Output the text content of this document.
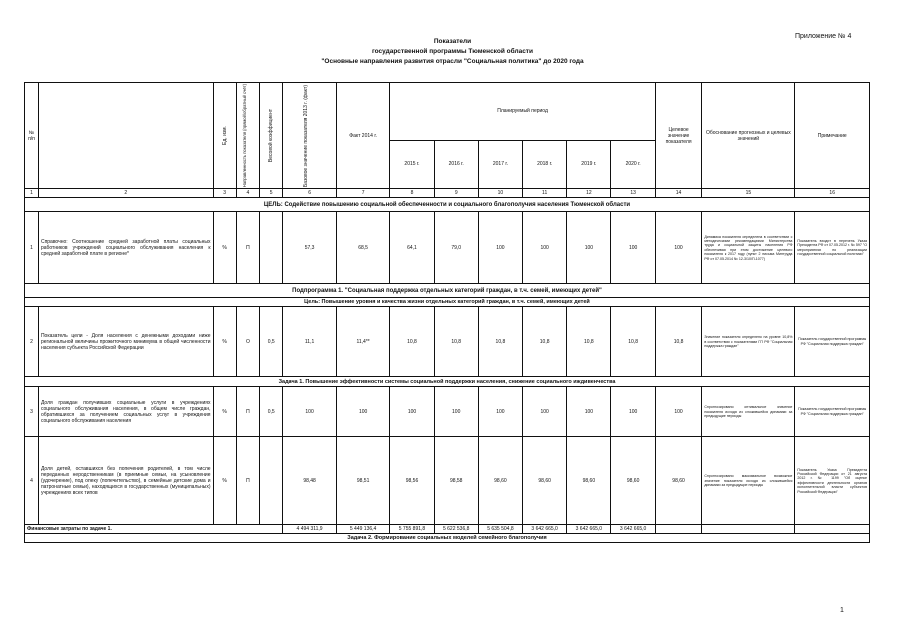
Приложение № 4
Показатели
государственной программы Тюменской области
"Основные направления развития отрасли "Социальная политика" до 2020 года
№ п/п		Ед. изм.	Направленность показателя (прямой/обратный счёт)	Весовой коэффициент	Базовое значение показателя 2013 г. (факт)	Факт 2014 г.	Планируемый период						Целевое значение показателя	Обоснование прогнозных и целевых значений	Примечание
							2015 г.	2016 г.	2017 г.	2018 г.	2019 г.	2020 г.			
1	2	3	4	5	6	7	8	9	10	11	12	13	14	15	16
ЦЕЛЬ: Содействие повышению социальной обеспеченности и социального благополучия населения Тюменской области															
1	Справочно: Соотношение средней заработной платы социальных работников учреждений социального обслуживания населения к средней заработной плате в регионе*	%	П		57,3	68,5	64,1	79,0	100	100	100	100	100	Динамика показателя определена в соответствии с методическими рекомендациями Министерства труда и социальной защиты населения РФ обеспечивая при этом достижение целевого показателя к 2017 году (пункт 2 письма Минтруда РФ от 07.05.2014 № 12-3/10/П-1077)	Показатель входит в перечень Указа Президента РФ от 07.05.2012 г. № 597 "О мероприятиях по реализации государственной социальной политики"
Подпрограмма 1. "Социальная поддержка отдельных категорий граждан, в т.ч. семей, имеющих детей"															
Цель: Повышение уровня и качества жизни отдельных категорий граждан, в т.ч. семей, имеющих детей															
2	Показатель цели - Доля населения с денежными доходами ниже региональной величины прожиточного минимума в общей численности населения субъекта Российской Федерации	%	О	0,5	11,1	11,4**	10,8	10,8	10,8	10,8	10,8	10,8	10,8	Значение показателя определено на уровне 10,8% в соответствии с показателями ГП РФ "Социальная поддержка граждан"	Показатель государственной программы РФ "Социальная поддержка граждан"
Задача 1. Повышение эффективности системы социальной поддержки населения, снижение социального иждивенчества															
3	Доля граждан получивших социальные услуги в учреждениях социального обслуживания населения, в общем числе граждан, обратившихся за получением социальных услуг в учреждения социального обслуживания населения	%	П	0,5	100	100	100	100	100	100	100	100	100	Спрогнозировано оптимальное значение показателя исходя из сложившейся динамики за предыдущие периоды	Показатель государственной программы РФ "Социальная поддержка граждан"
4	Доля детей, оставшихся без попечения родителей, в том числе переданных неродственникам (в приемные семьи, на усыновление (удочерение), под опеку (попечительство), в семейные детские дома и патронатные семьи), находящихся в государственных (муниципальных) учреждениях всех типов	%	П		98,48	98,51	98,56	98,58	98,60	98,60	98,60	98,60	98,60	Спрогнозировано максимальное возможное значение показателя исходя из сложившейся динамики за предыдущие периоды	Показатель Указа Президента Российской Федерации от 21 августа 2012 г. № 1199 "Об оценке эффективности деятельности органов исполнительной власти субъектов Российской Федерации"
Финансовые затраты по задаче 1.					4 494 311,9	5 449 136,4	5 755 891,8	5 622 536,8	5 635 504,8	3 642 665,0	3 642 665,0	3 642 665,0			
Задача 2. Формирование социальных моделей семейного благополучия															
1
